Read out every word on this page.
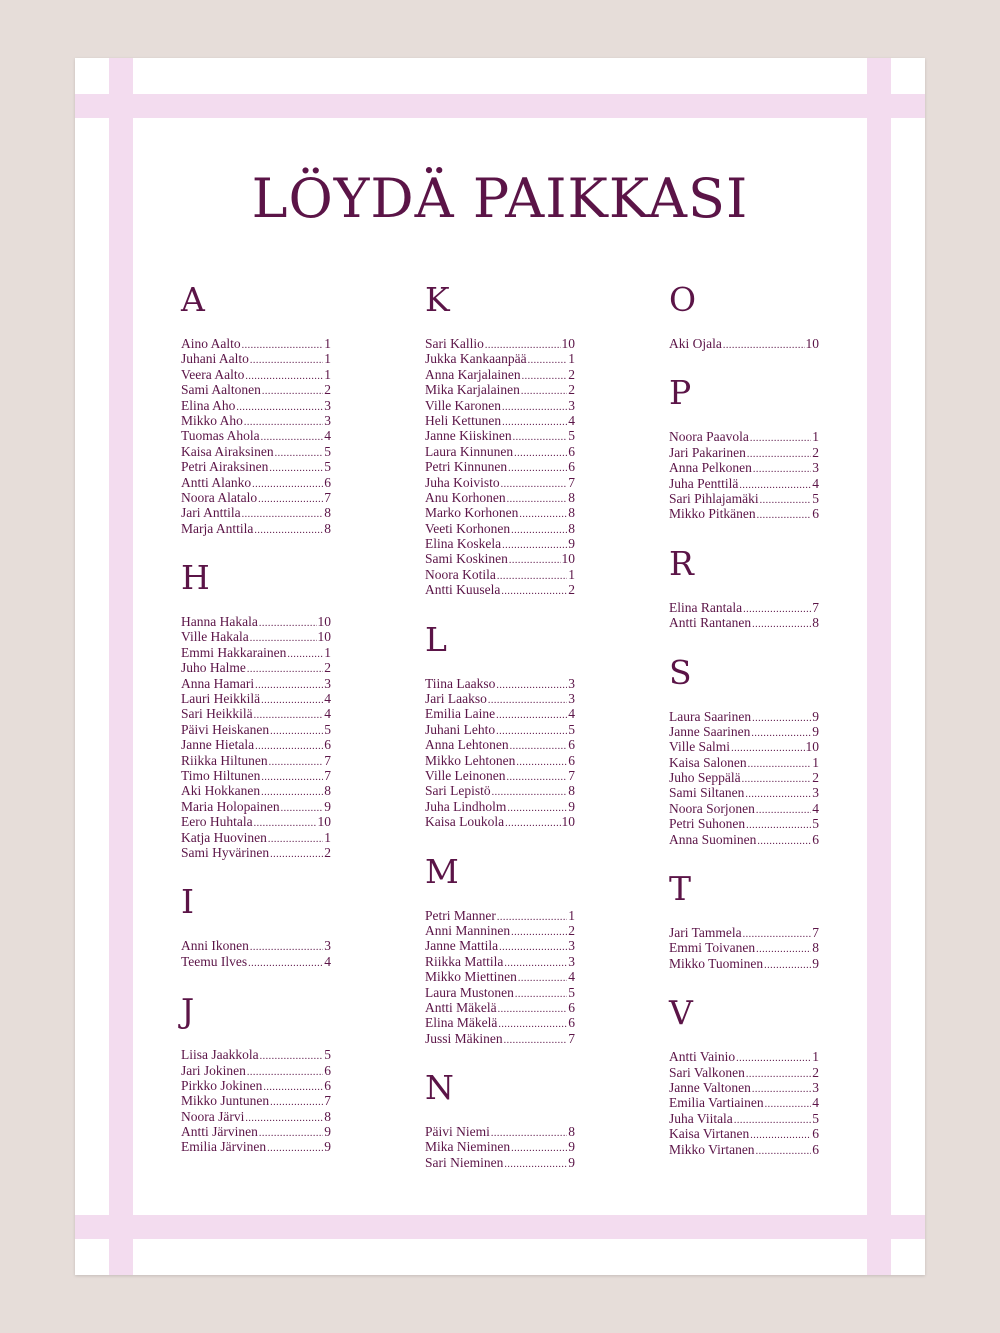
LÖYDÄ PAIKKASI
A
Aino Aalto .....	1
Juhani Aalto .....	1
Veera Aalto .....	1
Sami Aaltonen .....	2
Elina Aho .....	3
Mikko Aho .....	3
Tuomas Ahola .....	4
Kaisa Airaksinen .....	5
Petri Airaksinen .....	5
Antti Alanko .....	6
Noora Alatalo .....	7
Jari Anttila .....	8
Marja Anttila .....	8
H
Hanna Hakala .....	10
Ville Hakala .....	10
Emmi Hakkarainen .....	1
Juho Halme .....	2
Anna Hamari .....	3
Lauri Heikkilä .....	4
Sari Heikkilä .....	4
Päivi Heiskanen .....	5
Janne Hietala .....	6
Riikka Hiltunen .....	7
Timo Hiltunen .....	7
Aki Hokkanen .....	8
Maria Holopainen .....	9
Eero Huhtala .....	10
Katja Huovinen .....	1
Sami Hyvärinen .....	2
I
Anni Ikonen .....	3
Teemu Ilves .....	4
J
Liisa Jaakkola .....	5
Jari Jokinen .....	6
Pirkko Jokinen .....	6
Mikko Juntunen .....	7
Noora Järvi .....	8
Antti Järvinen .....	9
Emilia Järvinen .....	9
K
Sari Kallio .....	10
Jukka Kankaanpää .....	1
Anna Karjalainen .....	2
Mika Karjalainen .....	2
Ville Karonen .....	3
Heli Kettunen .....	4
Janne Kiiskinen .....	5
Laura Kinnunen .....	6
Petri Kinnunen .....	6
Juha Koivisto .....	7
Anu Korhonen .....	8
Marko Korhonen .....	8
Veeti Korhonen .....	8
Elina Koskela .....	9
Sami Koskinen .....	10
Noora Kotila .....	1
Antti Kuusela .....	2
L
Tiina Laakso .....	3
Jari Laakso .....	3
Emilia Laine .....	4
Juhani Lehto .....	5
Anna Lehtonen .....	6
Mikko Lehtonen .....	6
Ville Leinonen .....	7
Sari Lepistö .....	8
Juha Lindholm .....	9
Kaisa Loukola .....	10
M
Petri Manner .....	1
Anni Manninen .....	2
Janne Mattila .....	3
Riikka Mattila .....	3
Mikko Miettinen .....	4
Laura Mustonen .....	5
Antti Mäkelä .....	6
Elina Mäkelä .....	6
Jussi Mäkinen .....	7
N
Päivi Niemi .....	8
Mika Nieminen .....	9
Sari Nieminen .....	9
O
Aki Ojala .....	10
P
Noora Paavola .....	1
Jari Pakarinen .....	2
Anna Pelkonen .....	3
Juha Penttilä .....	4
Sari Pihlajamäki .....	5
Mikko Pitkänen .....	6
R
Elina Rantala .....	7
Antti Rantanen .....	8
S
Laura Saarinen .....	9
Janne Saarinen .....	9
Ville Salmi .....	10
Kaisa Salonen .....	1
Juho Seppälä .....	2
Sami Siltanen .....	3
Noora Sorjonen .....	4
Petri Suhonen .....	5
Anna Suominen .....	6
T
Jari Tammela .....	7
Emmi Toivanen .....	8
Mikko Tuominen .....	9
V
Antti Vainio .....	1
Sari Valkonen .....	2
Janne Valtonen .....	3
Emilia Vartiainen .....	4
Juha Viitala .....	5
Kaisa Virtanen .....	6
Mikko Virtanen .....	6
